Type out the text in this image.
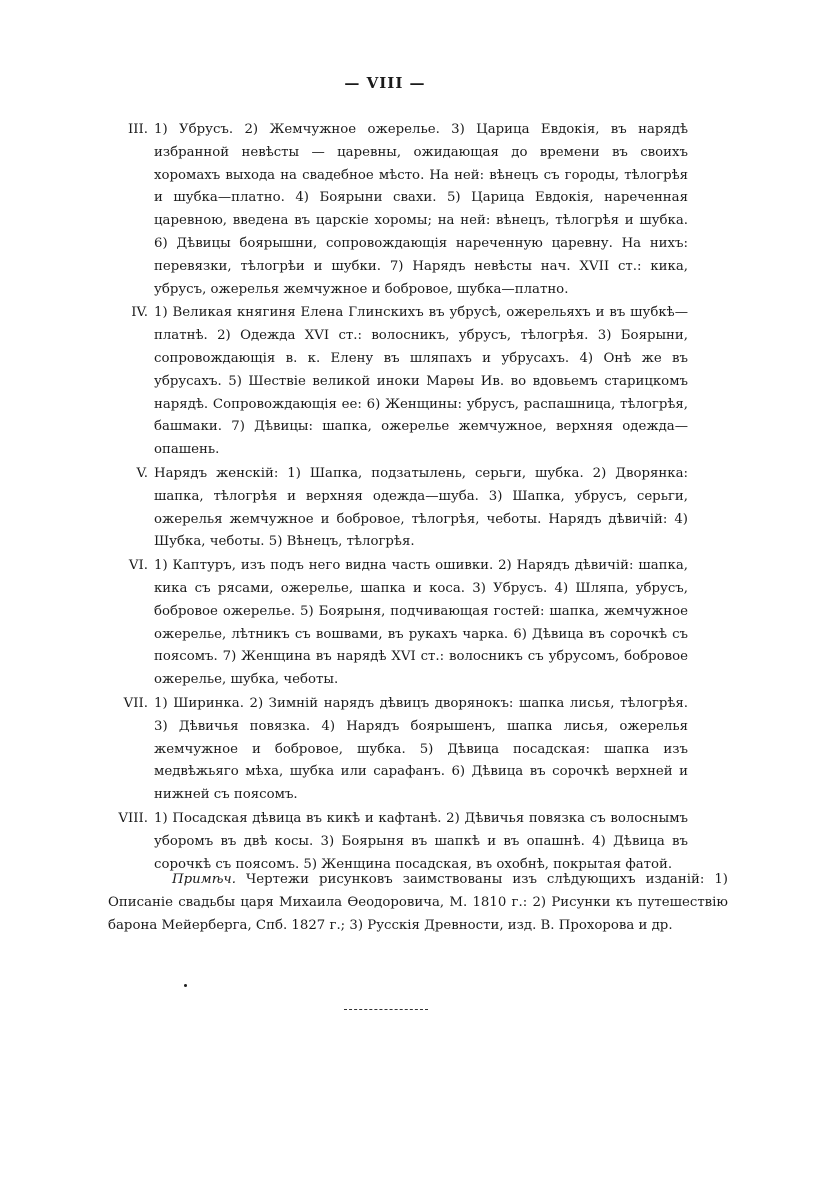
— VIII —
III. 1) Убрусъ. 2) Жемчужное ожерелье. 3) Царица Евдокія, въ нарядѣ избранной невѣсты — царевны, ожидающая до времени въ своихъ хоромахъ выхода на свадебное мѣсто. На ней: вѣнецъ съ городы, тѣлогрѣя и шубка—платно. 4) Боярыни свахи. 5) Царица Евдокія, нареченная царевною, введена въ царскіе хоромы; на ней: вѣнецъ, тѣлогрѣя и шубка. 6) Дѣвицы боярышни, сопровождающія нареченную царевну. На нихъ: перевязки, тѣлогрѣи и шубки. 7) Нарядъ невѣсты нач. XVII ст.: кика, убрусъ, ожерелья жемчужное и бобровое, шубка—платно.
IV. 1) Великая княгиня Елена Глинскихъ въ убрусѣ, ожерельяхъ и въ шубкѣ—платнѣ. 2) Одежда XVI ст.: волосникъ, убрусъ, тѣлогрѣя. 3) Боярыни, сопровождающія в. к. Елену въ шляпахъ и убрусахъ. 4) Онѣ же въ убрусахъ. 5) Шествіе великой иноки Марѳы Ив. во вдовьемъ старицкомъ нарядѣ. Сопровождающія ее: 6) Женщины: убрусъ, распашница, тѣлогрѣя, башмаки. 7) Дѣвицы: шапка, ожерелье жемчужное, верхняя одежда—опашень.
V. Нарядъ женскій: 1) Шапка, подзатылень, серьги, шубка. 2) Дворянка: шапка, тѣлогрѣя и верхняя одежда—шуба. 3) Шапка, убрусъ, серьги, ожерелья жемчужное и бобровое, тѣлогрѣя, чеботы. Нарядъ дѣвичій: 4) Шубка, чеботы. 5) Вѣнецъ, тѣлогрѣя.
VI. 1) Каптуръ, изъ подъ него видна часть ошивки. 2) Нарядъ дѣвичій: шапка, кика съ рясами, ожерелье, шапка и коса. 3) Убрусъ. 4) Шляпа, убрусъ, бобровое ожерелье. 5) Боярыня, подчивающая гостей: шапка, жемчужное ожерелье, лѣтникъ съ вошвами, въ рукахъ чарка. 6) Дѣвица въ сорочкѣ съ поясомъ. 7) Женщина въ нарядѣ XVI ст.: волосникъ съ убрусомъ, бобровое ожерелье, шубка, чеботы.
VII. 1) Ширинка. 2) Зимній нарядъ дѣвицъ дворянокъ: шапка лисья, тѣлогрѣя. 3) Дѣвичья повязка. 4) Нарядъ боярышенъ, шапка лисья, ожерелья жемчужное и бобровое, шубка. 5) Дѣвица посадская: шапка изъ медвѣжьяго мѣха, шубка или сарафанъ. 6) Дѣвица въ сорочкѣ верхней и нижней съ поясомъ.
VIII. 1) Посадская дѣвица въ кикѣ и кафтанѣ. 2) Дѣвичья повязка съ волоснымъ уборомъ въ двѣ косы. 3) Боярыня въ шапкѣ и въ опашнѣ. 4) Дѣвица въ сорочкѣ съ поясомъ. 5) Женщина посадская, въ охобнѣ, покрытая фатой.

Примѣч. Чертежи рисунковъ заимствованы изъ слѣдующихъ изданій: 1) Описаніе свадьбы царя Михаила Ѳеодоровича, М. 1810 г.: 2) Рисунки къ путешествію барона Мейерберга, Спб. 1827 г.; 3) Русскія Древности, изд. В. Прохорова и др.
